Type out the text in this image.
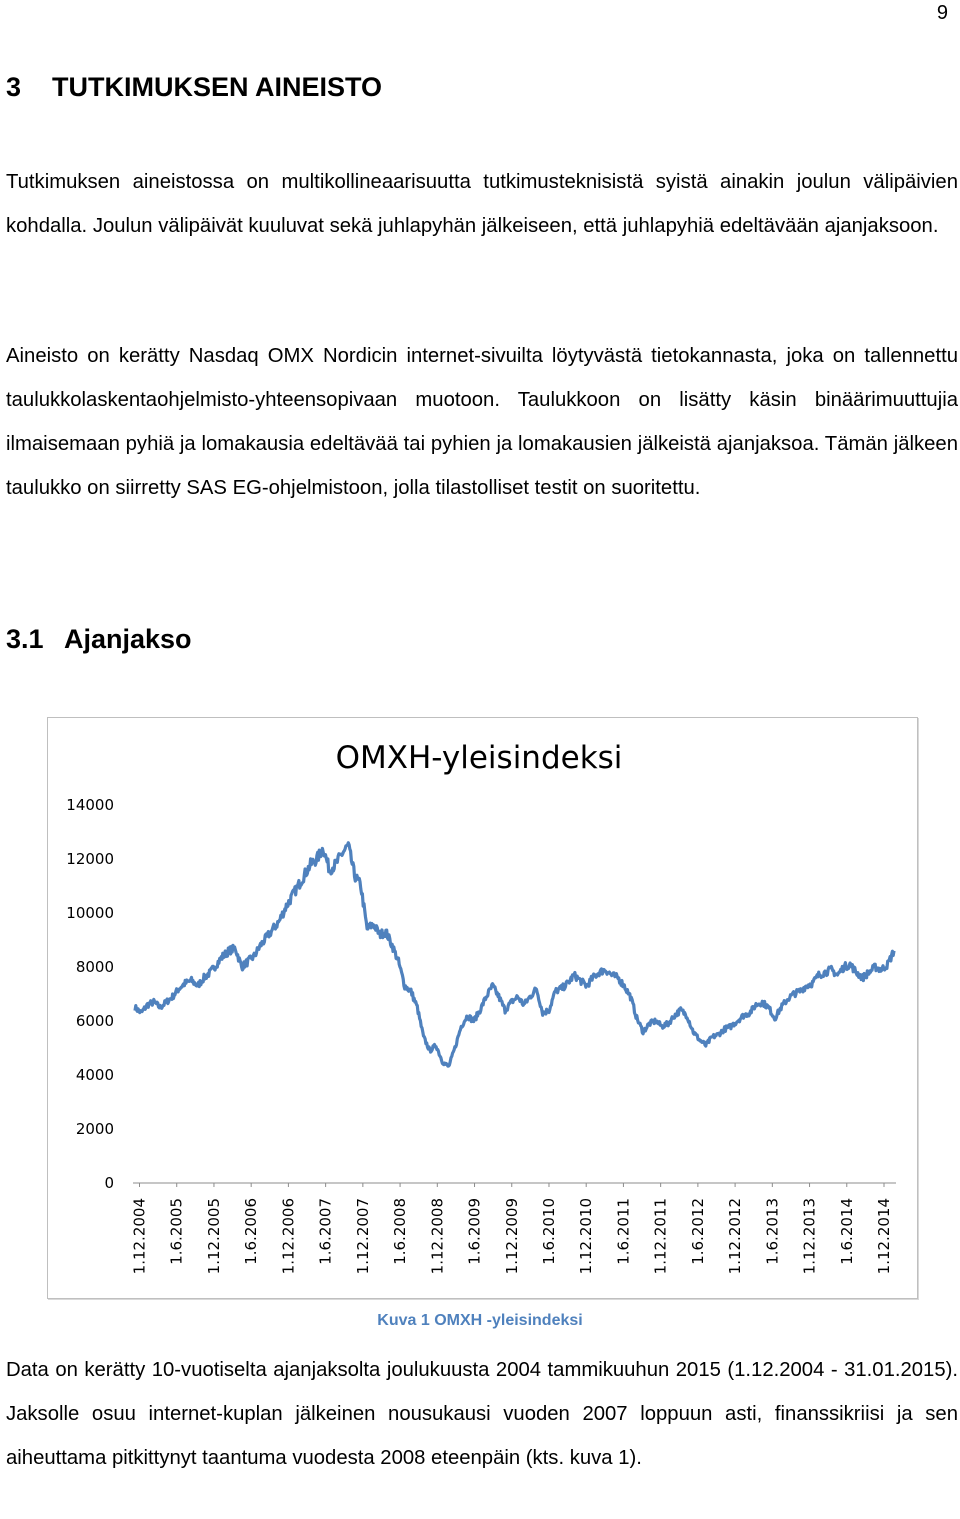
9
3 TUTKIMUKSEN AINEISTO

Tutkimuksen aineistossa on multikollineaarisuutta tutkimusteknisistä syistä ainakin joulun välipäivien kohdalla. Joulun välipäivät kuuluvat sekä juhlapyhän jälkeiseen, että juhlapyhiä edeltävään ajanjaksoon.

Aineisto on kerätty Nasdaq OMX Nordicin internet-sivuilta löytyvästä tietokannasta, joka on tallennettu taulukkolaskentaohjelmisto-yhteensopivaan muotoon. Taulukkoon on lisätty käsin binäärimuuttujia ilmaisemaan pyhiä ja lomakausia edeltävää tai pyhien ja lomakausien jälkeistä ajanjaksoa. Tämän jälkeen taulukko on siirretty SAS EG-ohjelmistoon, jolla tilastolliset testit on suoritettu.

3.1 Ajanjakso
OMXH-yleisindeksi
0
2000
4000
6000
8000
10000
12000
14000
1.12.2004 1.6.2005 1.12.2005 1.6.2006 1.12.2006 1.6.2007 1.12.2007 1.6.2008 1.12.2008 1.6.2009 1.12.2009 1.6.2010 1.12.2010 1.6.2011 1.12.2011 1.6.2012 1.12.2012 1.6.2013 1.12.2013 1.6.2014 1.12.2014
Kuva 1 OMXH -yleisindeksi

Data on kerätty 10-vuotiselta ajanjaksolta joulukuusta 2004 tammikuuhun 2015 (1.12.2004 - 31.01.2015). Jaksolle osuu internet-kuplan jälkeinen nousukausi vuoden 2007 loppuun asti, finanssikriisi ja sen aiheuttama pitkittynyt taantuma vuodesta 2008 eteenpäin (kts. kuva 1).
